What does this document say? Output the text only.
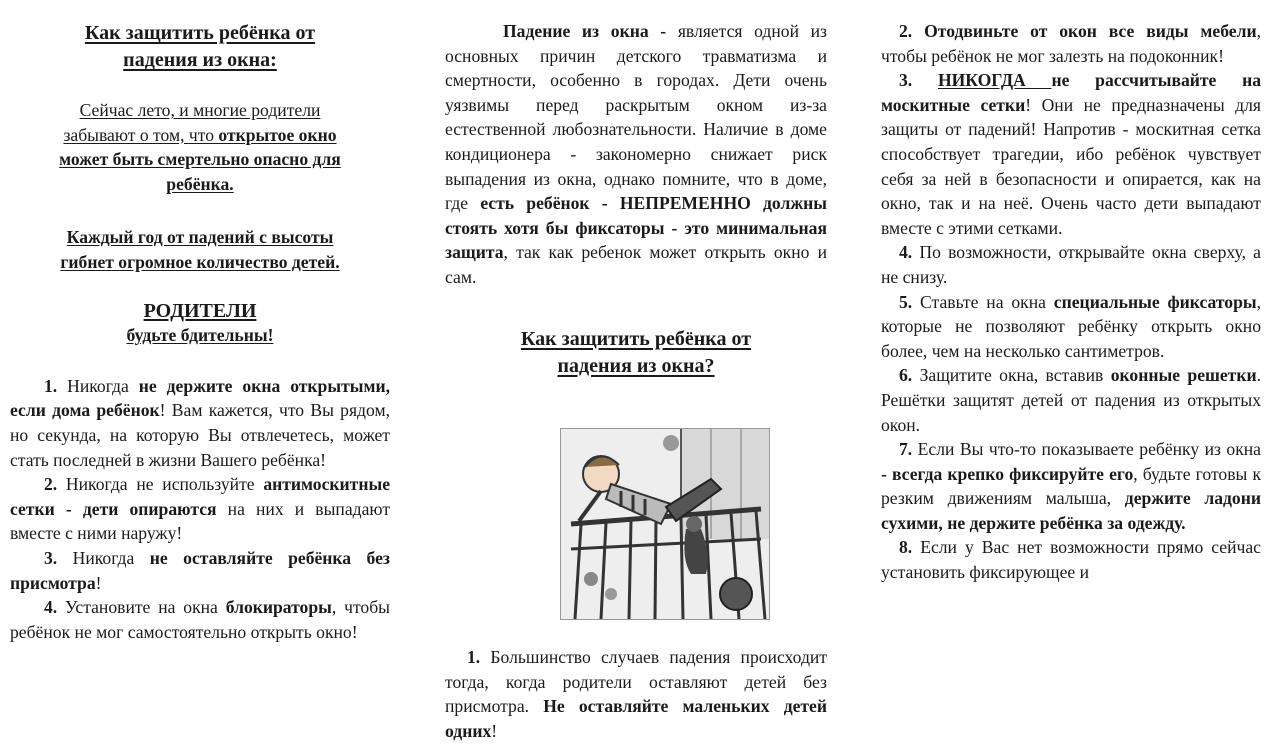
Как защитить ребёнка от
падения из окна:
Сейчас лето, и многие родители
забывают о том, что открытое окно
может быть смертельно опасно для
ребёнка.
Каждый год от падений с высоты
гибнет огромное количество детей.
РОДИТЕЛИ
будьте бдительны!

1. Никогда не держите окна открытыми, если дома ребёнок! Вам кажется, что Вы рядом, но секунда, на которую Вы отвлечетесь, может стать последней в жизни Вашего ребёнка!

2. Никогда не используйте антимоскитные сетки - дети опираются на них и выпадают вместе с ними наружу!

3. Никогда не оставляйте ребёнка без присмотра!

4. Установите на окна блокираторы, чтобы ребёнок не мог самостоятельно открыть окно!

Падение из окна - является одной из основных причин детского травматизма и смертности, особенно в городах. Дети очень уязвимы перед раскрытым окном из-за естественной любознательности. Наличие в доме кондиционера - закономерно снижает риск выпадения из окна, однако помните, что в доме, где есть ребёнок - НЕПРЕМЕННО должны стоять хотя бы фиксаторы - это минимальная защита, так как ребенок может открыть окно и сам.

Как защитить ребёнка от
падения из окна?

1. Большинство случаев падения происходит тогда, когда родители оставляют детей без присмотра. Не оставляйте маленьких детей одних!

2. Отодвиньте от окон все виды мебели, чтобы ребёнок не мог залезть на подоконник!

3. НИКОГДА не рассчитывайте на москитные сетки! Они не предназначены для защиты от падений! Напротив - москитная сетка способствует трагедии, ибо ребёнок чувствует себя за ней в безопасности и опирается, как на окно, так и на неё. Очень часто дети выпадают вместе с этими сетками.

4. По возможности, открывайте окна сверху, а не снизу.

5. Ставьте на окна специальные фиксаторы, которые не позволяют ребёнку открыть окно более, чем на несколько сантиметров.

6. Защитите окна, вставив оконные решетки. Решётки защитят детей от падения из открытых окон.

7. Если Вы что-то показываете ребёнку из окна - всегда крепко фиксируйте его, будьте готовы к резким движениям малыша, держите ладони сухими, не держите ребёнка за одежду.

8. Если у Вас нет возможности прямо сейчас установить фиксирующее и
